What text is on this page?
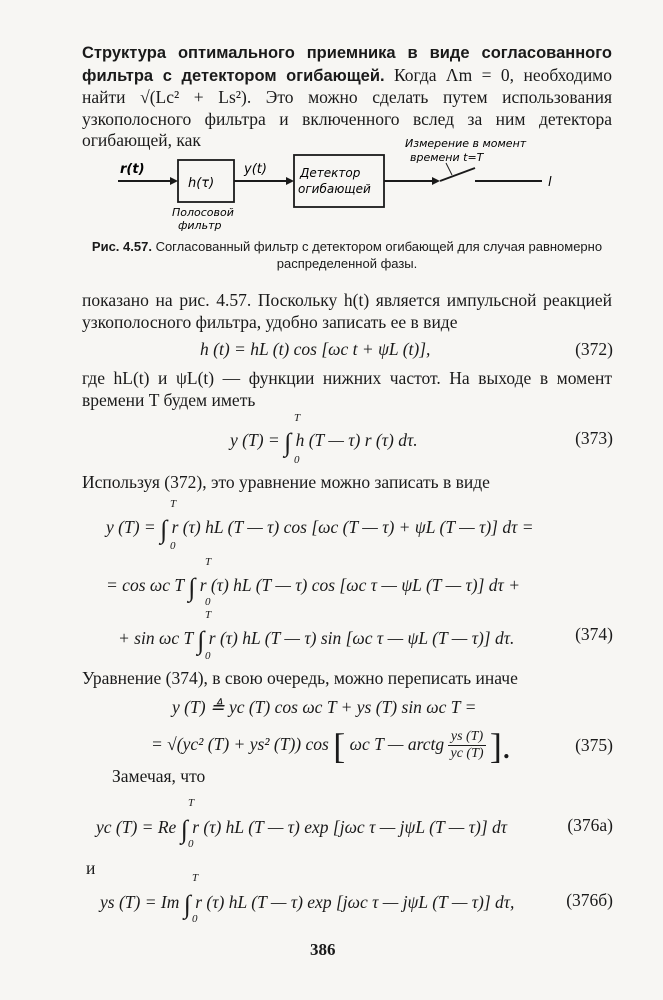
Структура оптимального приемника в виде согласованного фильтра с детектором огибающей. Когда Λm = 0, необходимо найти √(Lc² + Ls²). Это можно сделать путем использования узкополосного фильтра и включенного вслед за ним детектора огибающей, как
r(t)
h(τ)
Полосовой
фильтр
y(t)	Детектор
огибающей
Измерение в момент
времени t=T
l
Рис. 4.57. Согласованный фильтр с детектором огибающей для случая равномерно распределенной фазы.
показано на рис. 4.57. Поскольку h(t) является импульсной реакцией узкополосного фильтра, удобно записать ее в виде
h (t) = hL (t) cos [ωc t + ψL (t)],	(372)
где hL(t) и ψL(t) — функции нижних частот. На выходе в момент времени T будем иметь
y (T) = ∫ h (T — τ) r (τ) dτ.
T
0
(373)
Используя (372), это уравнение можно записать в виде
y (T) = ∫ r (τ) hL (T — τ) cos [ωc (T — τ) + ψL (T — τ)] dτ =
T
0
= cos ωc T ∫ r (τ) hL (T — τ) cos [ωc τ — ψL (T — τ)] dτ +
T
0
+ sin ωc T ∫ r (τ) hL (T — τ) sin [ωc τ — ψL (T — τ)] dτ.
T
0
(374)
Уравнение (374), в свою очередь, можно переписать иначе
y (T) ≜ yc (T) cos ωc T + ys (T) sin ωc T =
= √(yc² (T) + ys² (T)) cos [ ωc T — arctg $\frac{ys (T)}{yc (T)}$ ].	(375)
Замечая, что
yc (T) = Re ∫ r (τ) hL (T — τ) exp [jωc τ — jψL (T — τ)] dτ
T
0
(376a)
и
ys (T) = Im ∫ r (τ) hL (T — τ) exp [jωc τ — jψL (T — τ)] dτ,
T
0
(376б)
386
